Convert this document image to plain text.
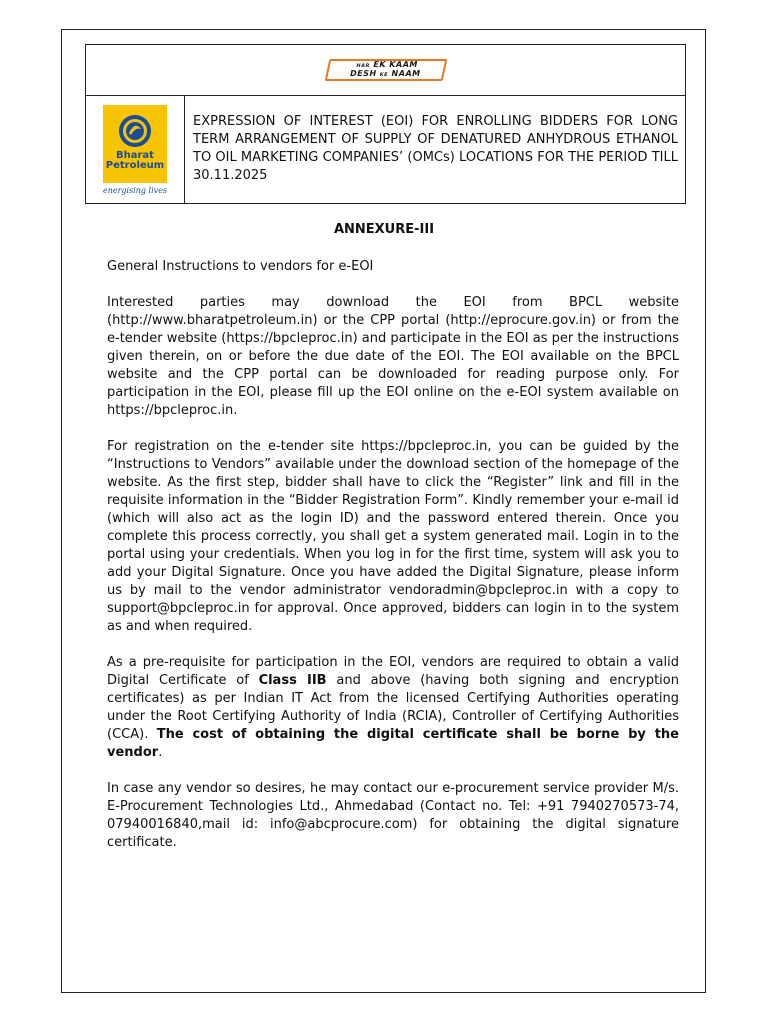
HAR EK KAAM
DESH KE NAAM
Bharat
Petroleum
energising lives
EXPRESSION OF INTEREST (EOI) FOR ENROLLING BIDDERS FOR LONG TERM ARRANGEMENT OF SUPPLY OF DENATURED ANHYDROUS ETHANOL TO OIL MARKETING COMPANIES’ (OMCs) LOCATIONS FOR THE PERIOD TILL 30.11.2025
ANNEXURE-III

General Instructions to vendors for e-EOI

Interested parties may download the EOI from BPCL website (http://www.bharatpetroleum.in) or the CPP portal (http://eprocure.gov.in) or from the e-tender website (https://bpcleproc.in) and participate in the EOI as per the instructions given therein, on or before the due date of the EOI. The EOI available on the BPCL website and the CPP portal can be downloaded for reading purpose only. For participation in the EOI, please fill up the EOI online on the e-EOI system available on https://bpcleproc.in.

For registration on the e-tender site https://bpcleproc.in, you can be guided by the “Instructions to Vendors” available under the download section of the homepage of the website. As the first step, bidder shall have to click the “Register” link and fill in the requisite information in the “Bidder Registration Form”. Kindly remember your e-mail id (which will also act as the login ID) and the password entered therein. Once you complete this process correctly, you shall get a system generated mail. Login in to the portal using your credentials. When you log in for the first time, system will ask you to add your Digital Signature. Once you have added the Digital Signature, please inform us by mail to the vendor administrator vendoradmin@bpcleproc.in with a copy to support@bpcleproc.in for approval. Once approved, bidders can login in to the system as and when required.

As a pre-requisite for participation in the EOI, vendors are required to obtain a valid Digital Certificate of Class IIB and above (having both signing and encryption certificates) as per Indian IT Act from the licensed Certifying Authorities operating under the Root Certifying Authority of India (RCIA), Controller of Certifying Authorities (CCA). The cost of obtaining the digital certificate shall be borne by the vendor.

In case any vendor so desires, he may contact our e-procurement service provider M/s. E-Procurement Technologies Ltd., Ahmedabad (Contact no. Tel: +91 7940270573-74, 07940016840,mail id: info@abcprocure.com) for obtaining the digital signature certificate.
